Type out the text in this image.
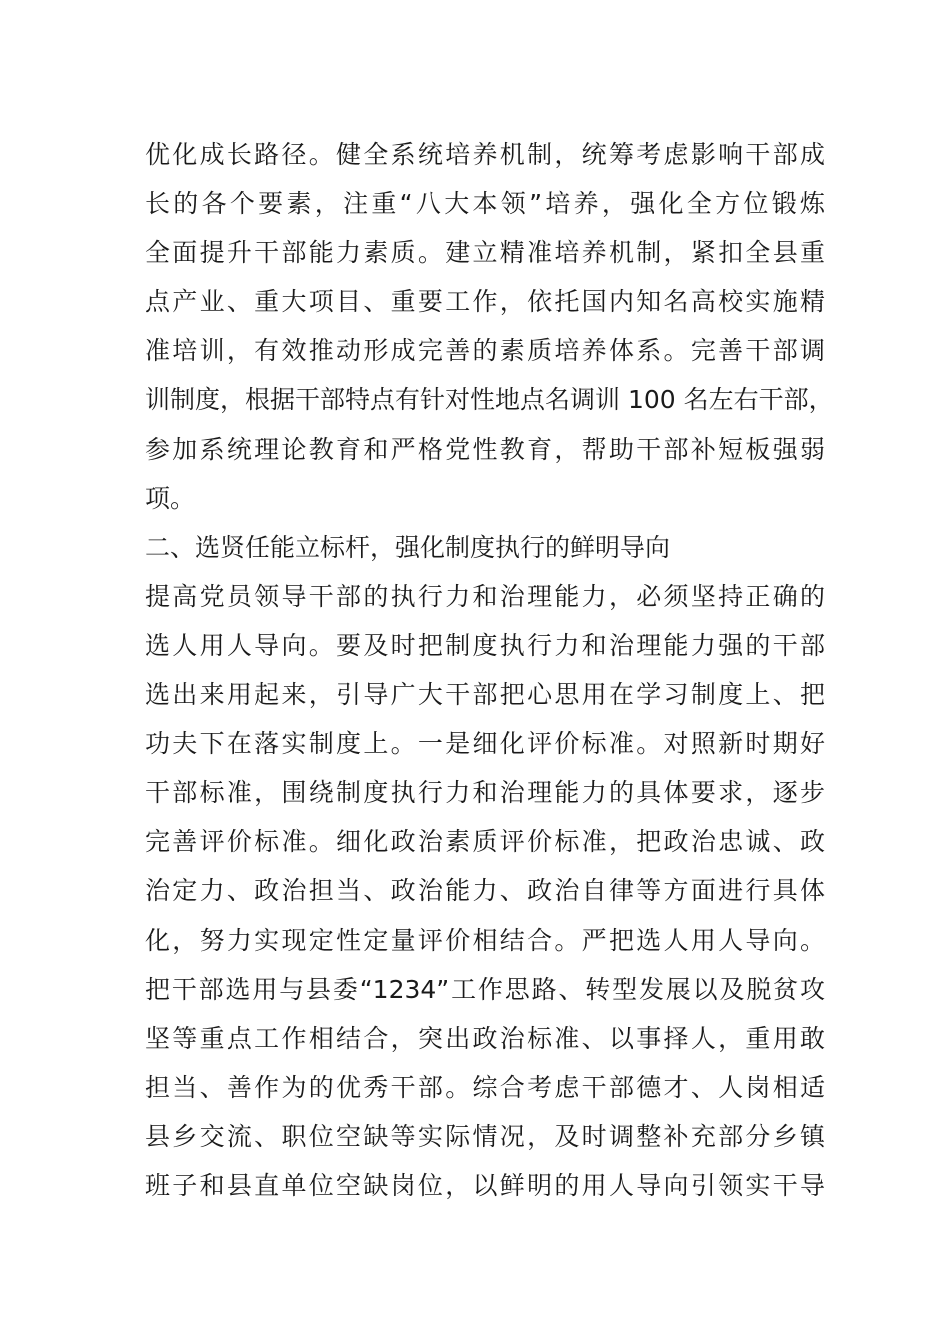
优化成长路径。健全系统培养机制，统筹考虑影响干部成
长的各个要素，注重“八大本领”培养，强化全方位锻炼
全面提升干部能力素质。建立精准培养机制，紧扣全县重
点产业、重大项目、重要工作，依托国内知名高校实施精
准培训，有效推动形成完善的素质培养体系。完善干部调
训制度，根据干部特点有针对性地点名调训 100 名左右干部，
参加系统理论教育和严格党性教育，帮助干部补短板强弱
项。
二、选贤任能立标杆，强化制度执行的鲜明导向
提高党员领导干部的执行力和治理能力，必须坚持正确的
选人用人导向。要及时把制度执行力和治理能力强的干部
选出来用起来，引导广大干部把心思用在学习制度上、把
功夫下在落实制度上。一是细化评价标准。对照新时期好
干部标准，围绕制度执行力和治理能力的具体要求，逐步
完善评价标准。细化政治素质评价标准，把政治忠诚、政
治定力、政治担当、政治能力、政治自律等方面进行具体
化，努力实现定性定量评价相结合。严把选人用人导向。
把干部选用与县委“1234”工作思路、转型发展以及脱贫攻
坚等重点工作相结合，突出政治标准、以事择人，重用敢
担当、善作为的优秀干部。综合考虑干部德才、人岗相适
县乡交流、职位空缺等实际情况，及时调整补充部分乡镇
班子和县直单位空缺岗位，以鲜明的用人导向引领实干导
